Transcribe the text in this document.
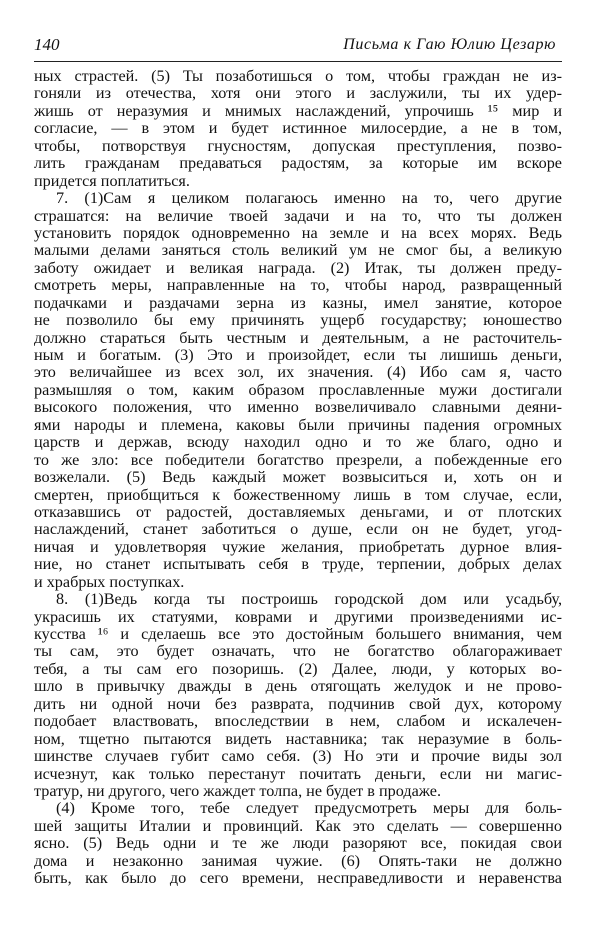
140	Письма к Гаю Юлию Цезарю
ных страстей. (5) Ты позаботишься о том, чтобы граждан не из-
гоняли из отечества, хотя они этого и заслужили, ты их удер-
жишь от неразумия и мнимых наслаждений, упрочишь ¹⁵ мир и
согласие, — в этом и будет истинное милосердие, а не в том,
чтобы, потворствуя гнусностям, допуская преступления, позво-
лить гражданам предаваться радостям, за которые им вскоре
придется поплатиться.
7. (1)Сам я целиком полагаюсь именно на то, чего другие
страшатся: на величие твоей задачи и на то, что ты должен
установить порядок одновременно на земле и на всех морях. Ведь
малыми делами заняться столь великий ум не смог бы, а великую
заботу ожидает и великая награда. (2) Итак, ты должен преду-
смотреть меры, направленные на то, чтобы народ, развращенный
подачками и раздачами зерна из казны, имел занятие, которое
не позволило бы ему причинять ущерб государству; юношество
должно стараться быть честным и деятельным, а не расточитель-
ным и богатым. (3) Это и произойдет, если ты лишишь деньги,
это величайшее из всех зол, их значения. (4) Ибо сам я, часто
размышляя о том, каким образом прославленные мужи достигали
высокого положения, что именно возвеличивало славными деяни-
ями народы и племена, каковы были причины падения огромных
царств и держав, всюду находил одно и то же благо, одно и
то же зло: все победители богатство презрели, а побежденные его
возжелали. (5) Ведь каждый может возвыситься и, хоть он и
смертен, приобщиться к божественному лишь в том случае, если,
отказавшись от радостей, доставляемых деньгами, и от плотских
наслаждений, станет заботиться о душе, если он не будет, угод-
ничая и удовлетворяя чужие желания, приобретать дурное влия-
ние, но станет испытывать себя в труде, терпении, добрых делах
и храбрых поступках.
8. (1)Ведь когда ты построишь городской дом или усадьбу,
украсишь их статуями, коврами и другими произведениями ис-
кусства ¹⁶ и сделаешь все это достойным большего внимания, чем
ты сам, это будет означать, что не богатство облагораживает
тебя, а ты сам его позоришь. (2) Далее, люди, у которых во-
шло в привычку дважды в день отягощать желудок и не прово-
дить ни одной ночи без разврата, подчинив свой дух, которому
подобает властвовать, впоследствии в нем, слабом и искалечен-
ном, тщетно пытаются видеть наставника; так неразумие в боль-
шинстве случаев губит само себя. (3) Но эти и прочие виды зол
исчезнут, как только перестанут почитать деньги, если ни магис-
тратур, ни другого, чего жаждет толпа, не будет в продаже.
(4) Кроме того, тебе следует предусмотреть меры для боль-
шей защиты Италии и провинций. Как это сделать — совершенно
ясно. (5) Ведь одни и те же люди разоряют все, покидая свои
дома и незаконно занимая чужие. (6) Опять-таки не должно
быть, как было до сего времени, несправедливости и неравенства
